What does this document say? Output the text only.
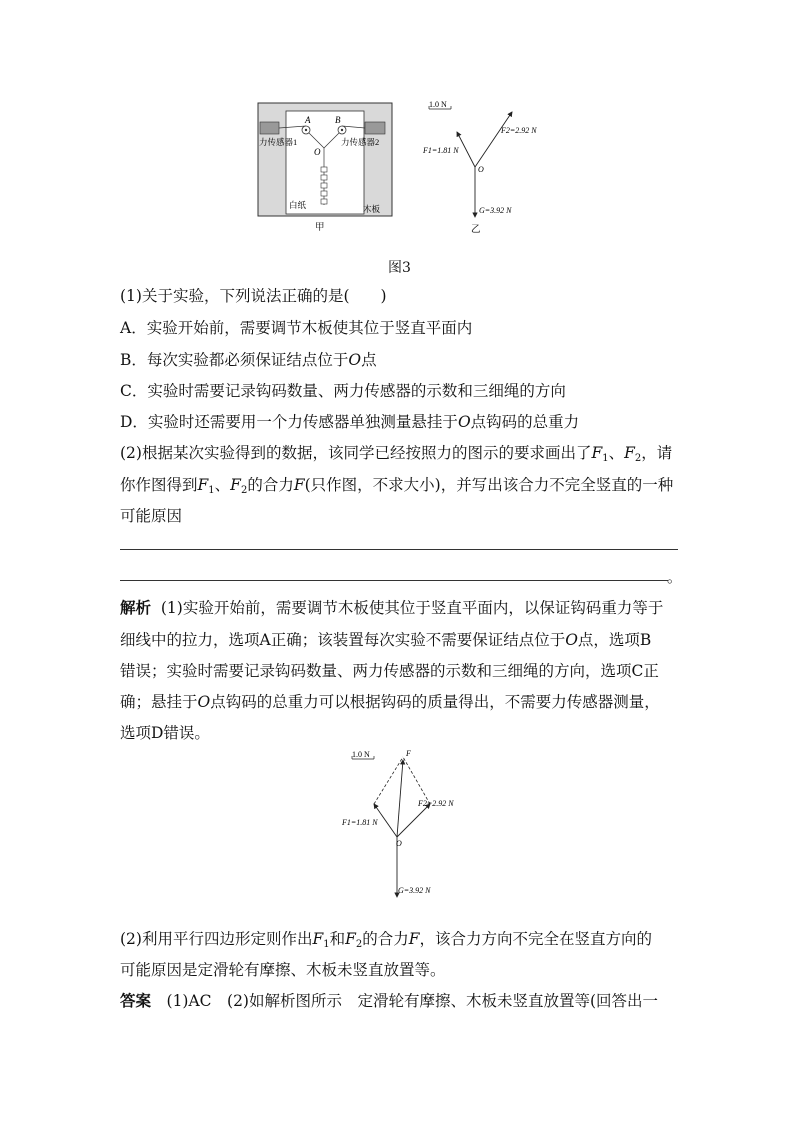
A	B
O
力传感器1	力传感器2
白纸	木板
甲
1.0 N
F1=1.81 N
F2=2.92 N
O
G=3.92 N
乙
图3
(1)关于实验，下列说法正确的是(　　)
A．实验开始前，需要调节木板使其位于竖直平面内
B．每次实验都必须保证结点位于O点
C．实验时需要记录钩码数量、两力传感器的示数和三细绳的方向
D．实验时还需要用一个力传感器单独测量悬挂于O点钩码的总重力
(2)根据某次实验得到的数据，该同学已经按照力的图示的要求画出了$F_1$、$F_2$，请
你作图得到$F_1$、$F_2$的合力F(只作图，不求大小)，并写出该合力不完全竖直的一种
可能原因
。
解析 (1)实验开始前，需要调节木板使其位于竖直平面内，以保证钩码重力等于
细线中的拉力，选项A正确；该装置每次实验不需要保证结点位于O点，选项B
错误；实验时需要记录钩码数量、两力传感器的示数和三细绳的方向，选项C正
确；悬挂于O点钩码的总重力可以根据钩码的质量得出，不需要力传感器测量，
选项D错误。
1.0 N	F
F1=1.81 N
F2=2.92 N
O
G=3.92 N
(2)利用平行四边形定则作出$F_1$和$F_2$的合力F，该合力方向不完全在竖直方向的
可能原因是定滑轮有摩擦、木板未竖直放置等。
答案　(1)AC　(2)如解析图所示　定滑轮有摩擦、木板未竖直放置等(回答出一
